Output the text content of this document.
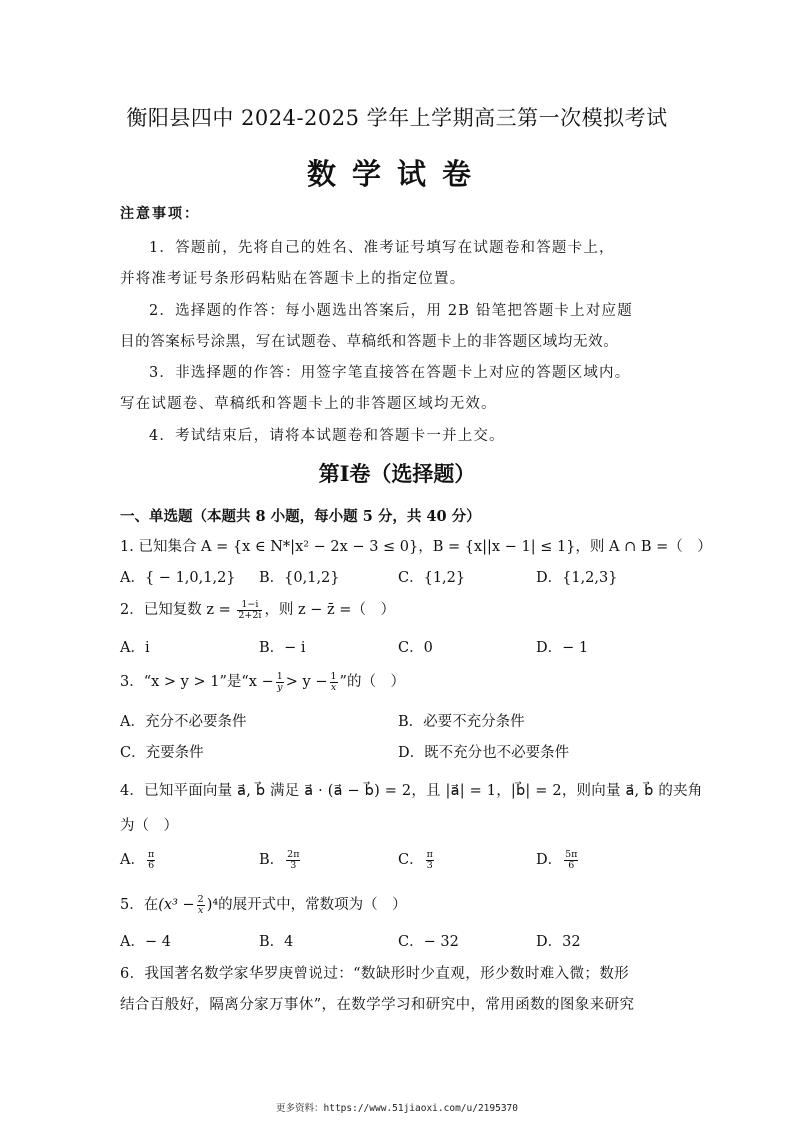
衡阳县四中 2024-2025 学年上学期高三第一次模拟考试
数学试卷
注意事项：
1．答题前，先将自己的姓名、准考证号填写在试题卷和答题卡上，
并将准考证号条形码粘贴在答题卡上的指定位置。
2．选择题的作答：每小题选出答案后，用 2B 铅笔把答题卡上对应题
目的答案标号涂黑，写在试题卷、草稿纸和答题卡上的非答题区域均无效。
3．非选择题的作答：用签字笔直接答在答题卡上对应的答题区域内。
写在试题卷、草稿纸和答题卡上的非答题区域均无效。
4．考试结束后，请将本试题卷和答题卡一并上交。
第Ⅰ卷（选择题）
一、单选题（本题共 8 小题，每小题 5 分，共 40 分）
1. 已知集合 A = {x ∈ N*|x² − 2x − 3 ≤ 0}，B = {x||x − 1| ≤ 1}，则 A ∩ B =（　）
A．{ − 1,0,1,2} B．{0,1,2}	C．{1,2}	D．{1,2,3}
2．已知复数 $z = \frac{1-i}{2+2i}$ ，则 z − z̄ =（　）
A．i	B．− i	C．0	D．− 1
3．“x > y > 1”是“$x - \frac{1}{y} > y - \frac{1}{x}$ ”的（　）
A．充分不必要条件	B．必要不充分条件
C．充要条件	D．既不充分也不必要条件
4．已知平面向量 a⃗, b⃗ 满足 a⃗ · (a⃗ − b⃗) = 2，且 |a⃗| = 1，|b⃗| = 2，则向量 a⃗, b⃗ 的夹角
为（　）
A． $\frac{\pi}{6}$	B． $\frac{2\pi}{3}$	C． $\frac{\pi}{3}$	D． $\frac{5\pi}{6}$
5．在$(x^3 - \frac{2}{x} )^4$的展开式中，常数项为（　）
A．− 4	B．4	C．− 32	D．32
6．我国著名数学家华罗庚曾说过：“数缺形时少直观，形少数时难入微；数形
结合百般好，隔离分家万事休”，在数学学习和研究中，常用函数的图象来研究
更多资料：https://www.51jiaoxi.com/u/2195370
